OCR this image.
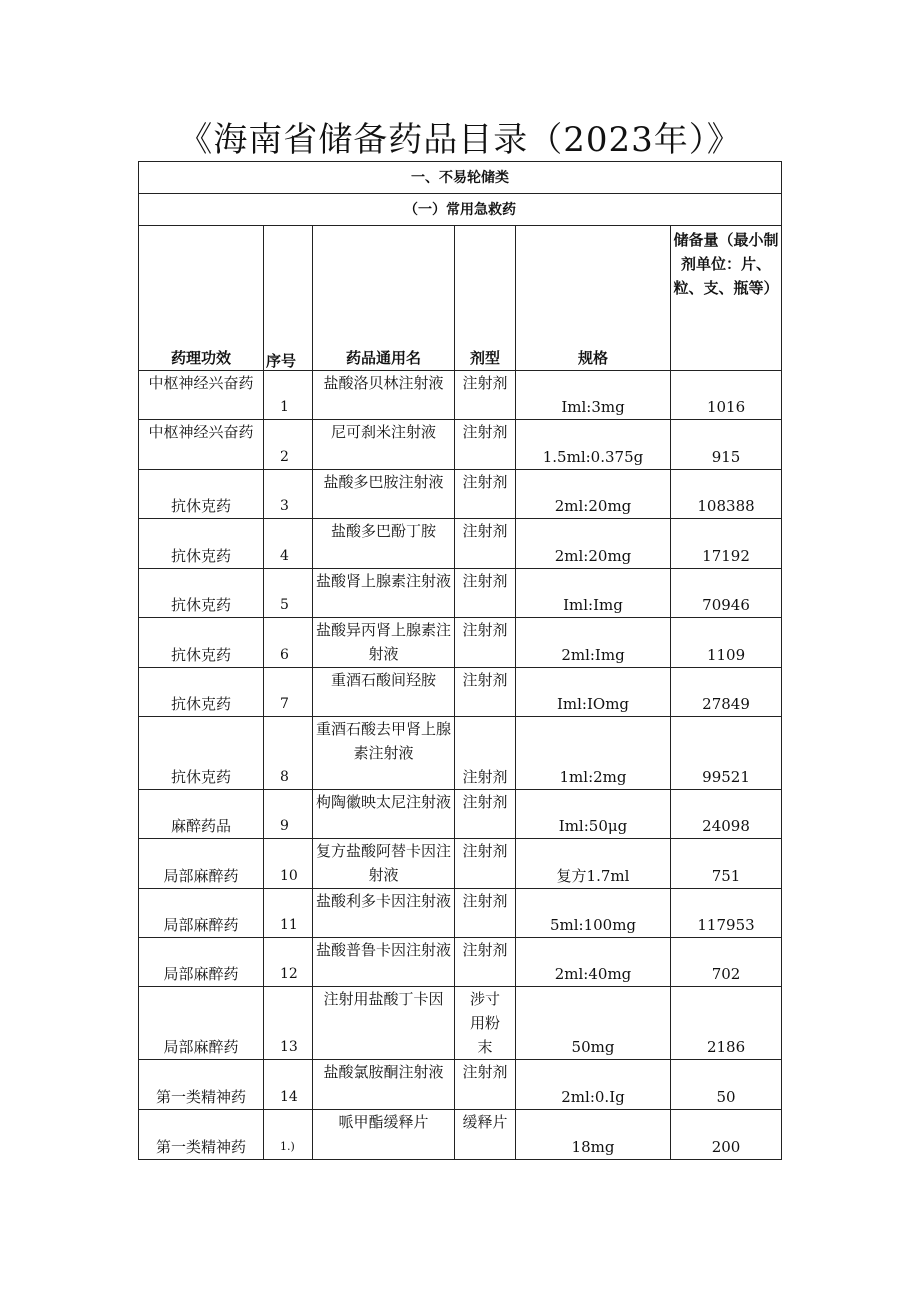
《海南省储备药品目录（2023年）》
一、不易轮储类					
（一）常用急救药					
药理功效	序号	药品通用名	剂型	规格	储备量（最小制剂单位：片、粒、支、瓶等）
中枢神经兴奋药	1	盐酸洛贝林注射液	注射剂	Iml:3mg	1016
中枢神经兴奋药	2	尼可刹米注射液	注射剂	1.5ml:0.375g	915
抗休克药	3	盐酸多巴胺注射液	注射剂	2ml:20mg	108388
抗休克药	4	盐酸多巴酚丁胺	注射剂	2ml:20mg	17192
抗休克药	5	盐酸肾上腺素注射液	注射剂	Iml:Img	70946
抗休克药	6	盐酸异丙肾上腺素注射液	注射剂	2ml:Img	1109
抗休克药	7	重酒石酸间羟胺	注射剂	Iml:IOmg	27849
抗休克药	8	重酒石酸去甲肾上腺素注射液	注射剂	1ml:2mg	99521
麻醉药品	9	枸陶徽映太尼注射液	注射剂	Iml:50μg	24098
局部麻醉药	10	复方盐酸阿替卡因注射液	注射剂	复方1.7ml	751
局部麻醉药	11	盐酸利多卡因注射液	注射剂	5ml:100mg	117953
局部麻醉药	12	盐酸普鲁卡因注射液	注射剂	2ml:40mg	702
局部麻醉药	13	注射用盐酸丁卡因	涉寸用粉末	50mg	2186
第一类精神药	14	盐酸氯胺酮注射液	注射剂	2ml:0.Ig	50
第一类精神药	1.)	哌甲酯缓释片	缓释片	18mg	200
